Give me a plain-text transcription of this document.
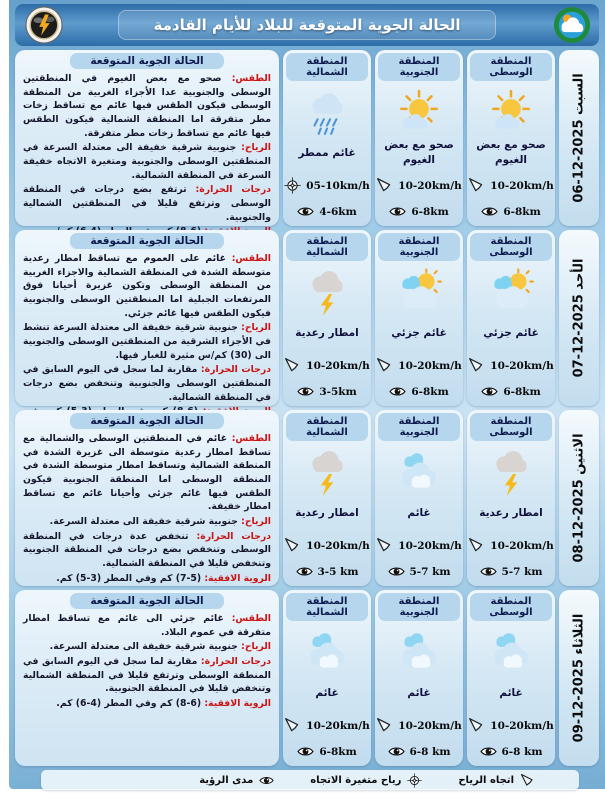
الحالة الجوية المتوقعة للبلاد للأيام القادمة
السبت 2025-12-06
المنطقة الوسطى
صحو مع بعض الغيوم
10-20km/h
6-8km
المنطقة الجنوبية
صحو مع بعض الغيوم
10-20km/h
6-8km
المنطقة الشمالية
غائم ممطر
05-10km/h
4-6km
الحالة الجوية المتوقعة

الطقس: صحو مع بعض الغيوم في المنطقتين الوسطى والجنوبية عدا الأجزاء الغربية من المنطقة الوسطى فيكون الطقس فيها غائم مع تساقط زخات مطر متفرقة اما المنطقة الشمالية فيكون الطقس فيها غائم مع تساقط زخات مطر متفرقة.

الرياح: جنوبية شرقية خفيفة الى معتدلة السرعة في المنطقتين الوسطى والجنوبية ومتغيرة الاتجاه خفيفة السرعة في المنطقة الشمالية.

درجات الحرارة: ترتفع بضع درجات في المنطقة الوسطى وترتفع قليلا في المنطقتين الشمالية والجنوبية.

الأحد 2025-12-07
المنطقة الوسطى
غائم جزئي
10-20km/h
6-8km
المنطقة الجنوبية
غائم جزئي
10-20km/h
6-8km
المنطقة الشمالية
امطار رعدية
10-20km/h
3-5km
الحالة الجوية المتوقعة

الطقس: غائم على العموم مع تساقط امطار رعدية متوسطة الشدة في المنطقة الشمالية والاجزاء الغربية من المنطقة الوسطى وتكون غزيرة أحيانا فوق المرتفعات الجبلية اما المنطقتين الوسطى والجنوبية فيكون الطقس فيها غائم جزئي.

الرياح: جنوبية شرقية خفيفة الى معتدلة السرعة تنشط في الأجزاء الشرقية من المنطقتين الوسطى والجنوبية الى (30) كم/س مثيرة للغبار فيها.

درجات الحرارة: مقاربة لما سجل في اليوم السابق في المنطقتين الوسطى والجنوبية وتنخفض بضع درجات في المنطقة الشمالية.

الاثنين 2025-12-08
المنطقة الوسطى
امطار رعدية
10-20km/h
5-7 km
المنطقة الجنوبية
غائم
10-20km/h
5-7 km
المنطقة الشمالية
امطار رعدية
10-20km/h
3-5 km
الحالة الجوية المتوقعة

الطقس: غائم في المنطقتين الوسطى والشمالية مع تساقط امطار رعدية متوسطة الى غزيرة الشدة في المنطقة الشمالية وتساقط امطار متوسطة الشدة في المنطقة الوسطى اما المنطقة الجنوبية فيكون الطقس فيها غائم جزئي وأحيانا غائم مع تساقط امطار خفيفة.

الرياح: جنوبية شرقية خفيفة الى معتدلة السرعة.

درجات الحرارة: تنخفض عدة درجات في المنطقة الوسطى وتنخفض بضع درجات في المنطقة الجنوبية وتنخفض قليلا في المنطقة الشمالية.

الروية الافقية: (5-7) كم وفي المطر (3-5) كم.

الثلاثاء 2025-12-09
المنطقة الوسطى
غائم
10-20km/h
6-8 km
المنطقة الجنوبية
غائم
10-20km/h
6-8 km
المنطقة الشمالية
غائم
10-20km/h
6-8km
الحالة الجوية المتوقعة

الطقس: غائم جزئي الى غائم مع تساقط امطار متفرقة في عموم البلاد.

الرياح: جنوبية شرقية خفيفة الى معتدلة السرعة.

درجات الحرارة: مقاربة لما سجل في اليوم السابق في المنطقة الوسطى وترتفع قليلا في المنطقة الشمالية وتنخفض قليلا في المنطقة الجنوبية.

الروية الافقية: (6-8) كم وفي المطر (4-6) كم.

اتجاه الرياح
رياح متغيرة الاتجاه
مدى الرؤية
